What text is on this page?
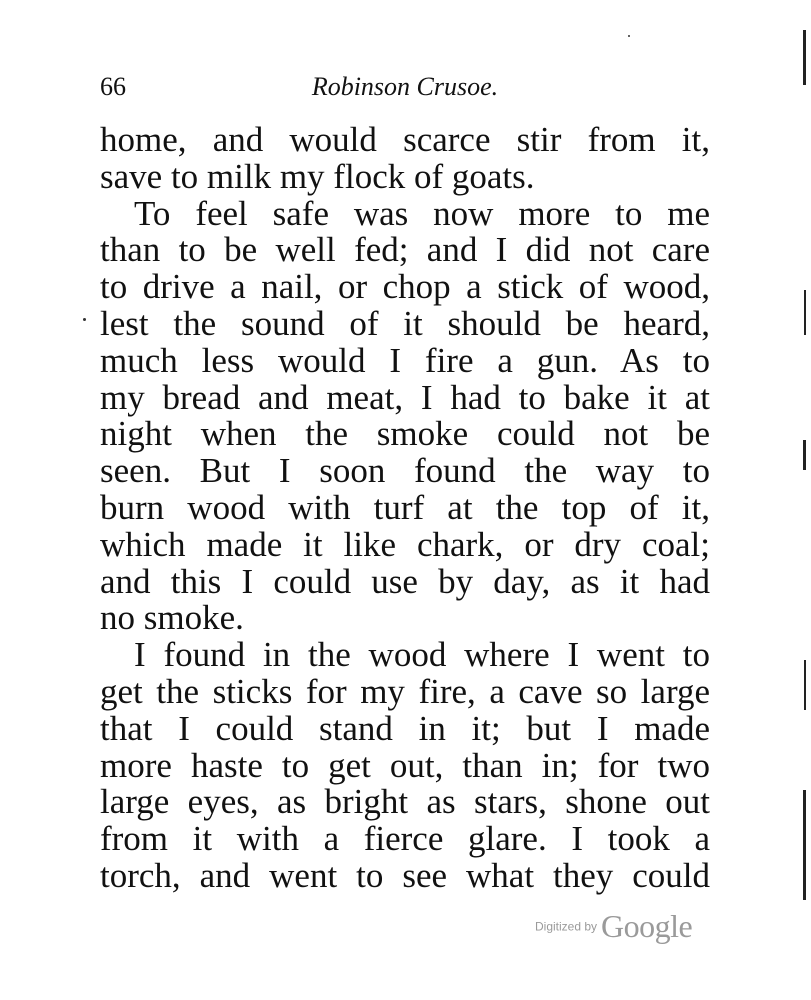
66	Robinson Crusoe.
home, and would scarce stir from it,
save to milk my flock of goats.
To feel safe was now more to me
than to be well fed; and I did not care
to drive a nail, or chop a stick of wood,
lest the sound of it should be heard,
much less would I fire a gun. As to
my bread and meat, I had to bake it at
night when the smoke could not be
seen. But I soon found the way to
burn wood with turf at the top of it,
which made it like chark, or dry coal;
and this I could use by day, as it had
no smoke.
I found in the wood where I went to
get the sticks for my fire, a cave so large
that I could stand in it; but I made
more haste to get out, than in; for two
large eyes, as bright as stars, shone out
from it with a fierce glare. I took a
torch, and went to see what they could
Digitized by Google
